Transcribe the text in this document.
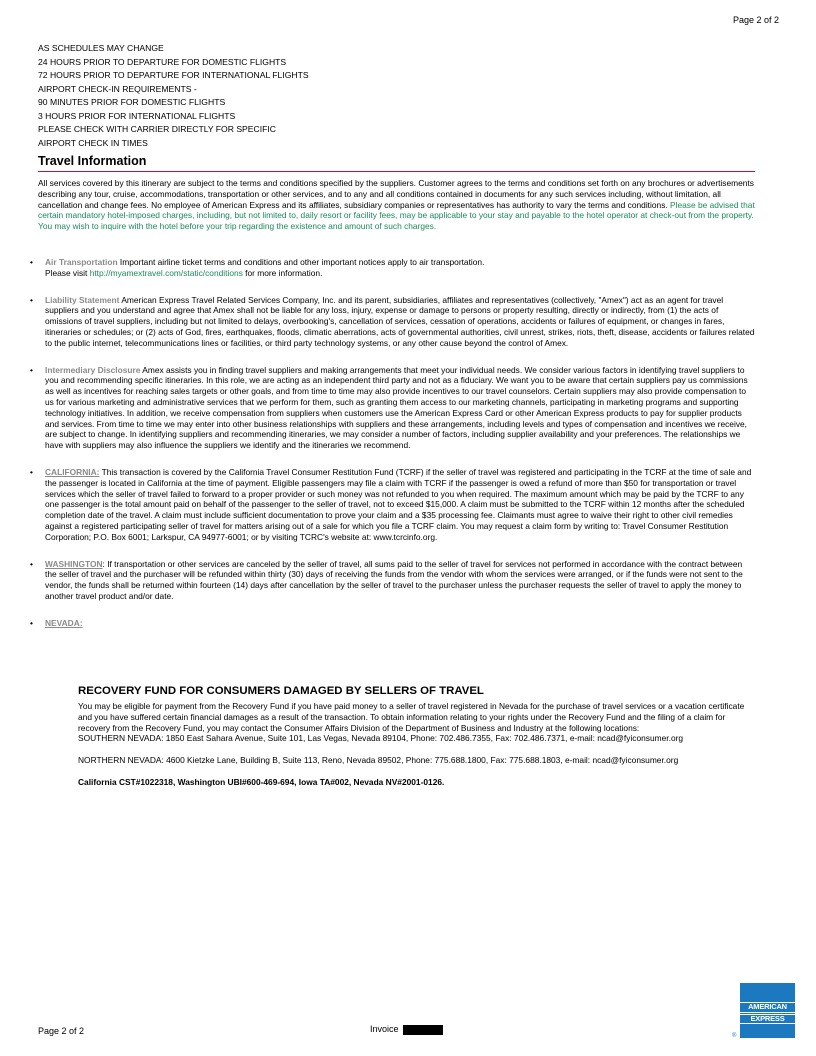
Page 2 of 2
AS SCHEDULES MAY CHANGE
24 HOURS PRIOR TO DEPARTURE FOR DOMESTIC FLIGHTS
72 HOURS PRIOR TO DEPARTURE FOR INTERNATIONAL FLIGHTS
AIRPORT CHECK-IN REQUIREMENTS -
90 MINUTES PRIOR FOR DOMESTIC FLIGHTS
3 HOURS PRIOR FOR INTERNATIONAL FLIGHTS
PLEASE CHECK WITH CARRIER DIRECTLY FOR SPECIFIC
AIRPORT CHECK IN TIMES
Travel Information
All services covered by this itinerary are subject to the terms and conditions specified by the suppliers. Customer agrees to the terms and conditions set forth on any brochures or advertisements describing any tour, cruise, accommodations, transportation or other services, and to any and all conditions contained in documents for any such services including, without limitation, all cancellation and change fees. No employee of American Express and its affiliates, subsidiary companies or representatives has authority to vary the terms and conditions. Please be advised that certain mandatory hotel-imposed charges, including, but not limited to, daily resort or facility fees, may be applicable to your stay and payable to the hotel operator at check-out from the property. You may wish to inquire with the hotel before your trip regarding the existence and amount of such charges.
• Air Transportation Important airline ticket terms and conditions and other important notices apply to air transportation.
Please visit http://myamextravel.com/static/conditions for more information.
• Liability Statement American Express Travel Related Services Company, Inc. and its parent, subsidiaries, affiliates and representatives (collectively, "Amex") act as an agent for travel suppliers and you understand and agree that Amex shall not be liable for any loss, injury, expense or damage to persons or property resulting, directly or indirectly, from (1) the acts of omissions of travel suppliers, including but not limited to delays, overbooking's, cancellation of services, cessation of operations, accidents or failures of equipment, or changes in fares, itineraries or schedules; or (2) acts of God, fires, earthquakes, floods, climatic aberrations, acts of governmental authorities, civil unrest, strikes, riots, theft, disease, accidents or failures related to the public internet, telecommunications lines or facilities, or third party technology systems, or any other cause beyond the control of Amex.
• Intermediary Disclosure Amex assists you in finding travel suppliers and making arrangements that meet your individual needs. We consider various factors in identifying travel suppliers to you and recommending specific itineraries. In this role, we are acting as an independent third party and not as a fiduciary. We want you to be aware that certain suppliers pay us commissions as well as incentives for reaching sales targets or other goals, and from time to time may also provide incentives to our travel counselors. Certain suppliers may also provide compensation to us for various marketing and administrative services that we perform for them, such as granting them access to our marketing channels, participating in marketing programs and supporting technology initiatives. In addition, we receive compensation from suppliers when customers use the American Express Card or other American Express products to pay for supplier products and services. From time to time we may enter into other business relationships with suppliers and these arrangements, including levels and types of compensation and incentives we receive, are subject to change. In identifying suppliers and recommending itineraries, we may consider a number of factors, including supplier availability and your preferences. The relationships we have with suppliers may also influence the suppliers we identify and the itineraries we recommend.
• CALIFORNIA: This transaction is covered by the California Travel Consumer Restitution Fund (TCRF) if the seller of travel was registered and participating in the TCRF at the time of sale and the passenger is located in California at the time of payment. Eligible passengers may file a claim with TCRF if the passenger is owed a refund of more than $50 for transportation or travel services which the seller of travel failed to forward to a proper provider or such money was not refunded to you when required. The maximum amount which may be paid by the TCRF to any one passenger is the total amount paid on behalf of the passenger to the seller of travel, not to exceed $15,000. A claim must be submitted to the TCRF within 12 months after the scheduled completion date of the travel. A claim must include sufficient documentation to prove your claim and a $35 processing fee. Claimants must agree to waive their right to other civil remedies against a registered participating seller of travel for matters arising out of a sale for which you file a TCRF claim. You may request a claim form by writing to: Travel Consumer Restitution Corporation; P.O. Box 6001; Larkspur, CA 94977-6001; or by visiting TCRC's website at: www.tcrcinfo.org.
• WASHINGTON: If transportation or other services are canceled by the seller of travel, all sums paid to the seller of travel for services not performed in accordance with the contract between the seller of travel and the purchaser will be refunded within thirty (30) days of receiving the funds from the vendor with whom the services were arranged, or if the funds were not sent to the vendor, the funds shall be returned within fourteen (14) days after cancellation by the seller of travel to the purchaser unless the purchaser requests the seller of travel to apply the money to another travel product and/or date.
• NEVADA:
RECOVERY FUND FOR CONSUMERS DAMAGED BY SELLERS OF TRAVEL

You may be eligible for payment from the Recovery Fund if you have paid money to a seller of travel registered in Nevada for the purchase of travel services or a vacation certificate and you have suffered certain financial damages as a result of the transaction. To obtain information relating to your rights under the Recovery Fund and the filing of a claim for recovery from the Recovery Fund, you may contact the Consumer Affairs Division of the Department of Business and Industry at the following locations:

SOUTHERN NEVADA: 1850 East Sahara Avenue, Suite 101, Las Vegas, Nevada 89104, Phone: 702.486.7355, Fax: 702.486.7371, e-mail: ncad@fyiconsumer.org

NORTHERN NEVADA: 4600 Kietzke Lane, Building B, Suite 113, Reno, Nevada 89502, Phone: 775.688.1800, Fax: 775.688.1803, e-mail: ncad@fyiconsumer.org

California CST#1022318, Washington UBI#600-469-694, Iowa TA#002, Nevada NV#2001-0126.
Page 2 of 2	Invoice
AMERICAN
EXPRESS
®
